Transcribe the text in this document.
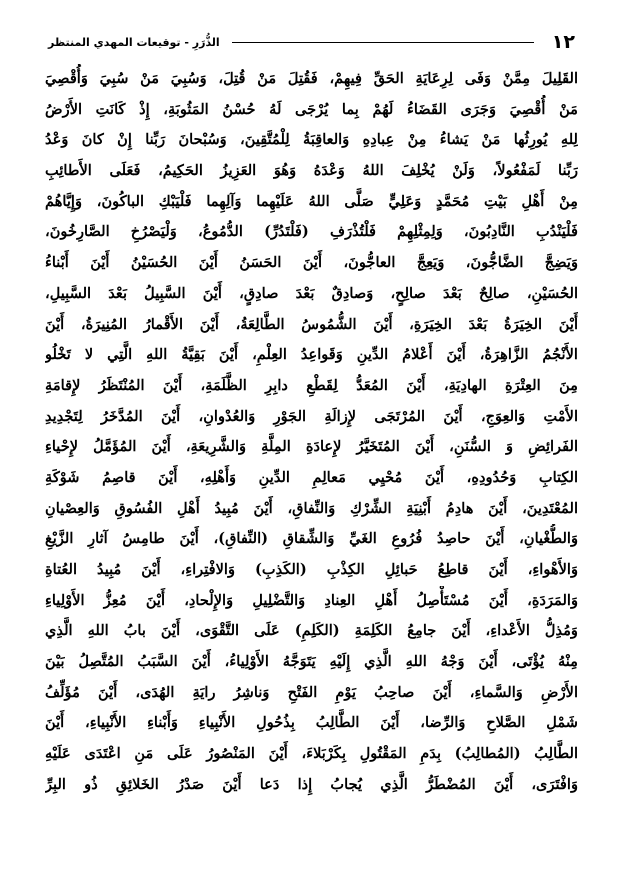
١٢
الذُّرَرِ - توقيعات المهدي المنتظر
القَلِيلَ مِمَّنْ وَفَى لِرِعَايَةِ الحَقِّ فِيهِمْ، فَقُتِلَ مَنْ قُتِلَ، وَسُبِيَ مَنْ سُبِيَ وَأُقْصِيَ
مَنْ أُقْصِيَ وَجَرَى القَضَاءُ لَهُمْ بِما يُرْجَى لَهُ حُسْنُ المَثُوبَةِ، إِذْ كَانَتِ الأَرْضُ
لِلهِ يُورِثُها مَنْ يَشاءُ مِنْ عِبادِهِ وَالعاقِبَةُ لِلْمُتَّقِينَ، وَسُبْحانَ رَبِّنا إِنْ كانَ وَعْدُ
رَبِّنا لَمَفْعُولاً، وَلَنْ يُخْلِفَ اللهُ وَعْدَهُ وَهُوَ العَزِيزُ الحَكِيمُ، فَعَلَى الأَطائِبِ
مِنْ أَهْلِ بَيْتِ مُحَمَّدٍ وَعَلِيٍّ صَلَّى اللهُ عَلَيْهِما وَآلِهِما فَلْيَبْكِ الباكُونَ، وَإِيَّاهُمْ
فَلْيَنْدُبِ النَّادِبُونَ، وَلِمِثْلِهِمْ فَلْتُذْرَفِ (فَلْتَدُرِّ) الدُّمُوعُ، وَلْيَصْرُخِ الصَّارِخُونَ،
وَيَضِجَّ الضَّاجُّونَ، وَيَعِجَّ العاجُّونَ، أَيْنَ الحَسَنُ أَيْنَ الحُسَيْنُ أَيْنَ أَبْناءُ
الحُسَيْنِ، صالِحٌ بَعْدَ صالِحٍ، وَصادِقٌ بَعْدَ صادِقٍ، أَيْنَ السَّبِيلُ بَعْدَ السَّبِيلِ،
أَيْنَ الخِيَرَةُ بَعْدَ الخِيَرَةِ، أَيْنَ الشُّمُوسُ الطَّالِعَةُ، أَيْنَ الأَقْمارُ المُنِيرَةُ، أَيْنَ
الأَنْجُمُ الزَّاهِرَةُ، أَيْنَ أَعْلامُ الدِّينِ وَقَواعِدُ العِلْمِ، أَيْنَ بَقِيَّةُ اللهِ الَّتِي لا تَخْلُو
مِنَ العِتْرَةِ الهادِيَةِ، أَيْنَ المُعَدُّ لِقَطْعِ دابِرِ الظَّلَمَةِ، أَيْنَ المُنْتَظَرُ لإِقامَةِ
الأَمْتِ وَالعِوَجِ، أَيْنَ المُرْتَجَى لإِزالَةِ الجَوْرِ وَالعُدْوانِ، أَيْنَ المُدَّخَرُ لِتَجْدِيدِ
الفَرائِضِ وَ السُّنَنِ، أَيْنَ المُتَخَيَّرُ لإِعادَةِ المِلَّةِ وَالشَّرِيعَةِ، أَيْنَ المُؤَمَّلُ لإِحْياءِ
الكِتابِ وَحُدُودِهِ، أَيْنَ مُحْيِي مَعالِمِ الدِّينِ وَأَهْلِهِ، أَيْنَ قاصِمُ شَوْكَةِ
المُعْتَدِينَ، أَيْنَ هادِمُ أَبْنِيَةِ الشِّرْكِ وَالنِّفاقِ، أَيْنَ مُبِيدُ أَهْلِ الفُسُوقِ وَالعِصْيانِ
وَالطُّغْيانِ، أَيْنَ حاصِدُ فُرُوعِ الغَيِّ وَالشِّقاقِ (النِّفاقِ)، أَيْنَ طامِسُ آثارِ الزَّيْغِ
وَالأَهْواءِ، أَيْنَ قاطِعُ حَبائِلِ الكِذْبِ (الكَذِبِ) وَالافْتِراءِ، أَيْنَ مُبِيدُ العُتاةِ
وَالمَرَدَةِ، أَيْنَ مُسْتَأْصِلُ أَهْلِ العِنادِ وَالتَّضْلِيلِ وَالإِلْحادِ، أَيْنَ مُعِزُّ الأَوْلِياءِ
وَمُذِلُّ الأَعْداءِ، أَيْنَ جامِعُ الكَلِمَةِ (الكَلِمِ) عَلَى التَّقْوَى، أَيْنَ بابُ اللهِ الَّذِي
مِنْهُ يُؤْتَى، أَيْنَ وَجْهُ اللهِ الَّذِي إِلَيْهِ يَتَوَجَّهُ الأَوْلِياءُ، أَيْنَ السَّبَبُ المُتَّصِلُ بَيْنَ
الأَرْضِ وَالسَّماءِ، أَيْنَ صاحِبُ يَوْمِ الفَتْحِ وَناشِرُ رايَةِ الهُدَى، أَيْنَ مُؤَلِّفُ
شَمْلِ الصَّلاحِ وَالرِّضا، أَيْنَ الطَّالِبُ بِذُحُولِ الأَنْبِياءِ وَأَبْناءِ الأَنْبِياءِ، أَيْنَ
الطَّالِبُ (المُطالِبُ) بِدَمِ المَقْتُولِ بِكَرْبَلاءَ، أَيْنَ المَنْصُورُ عَلَى مَنِ اعْتَدَى عَلَيْهِ
وَافْتَرَى، أَيْنَ المُضْطَرُّ الَّذِي يُجابُ إِذا دَعا أَيْنَ صَدْرُ الخَلائِقِ ذُو البِرِّ
